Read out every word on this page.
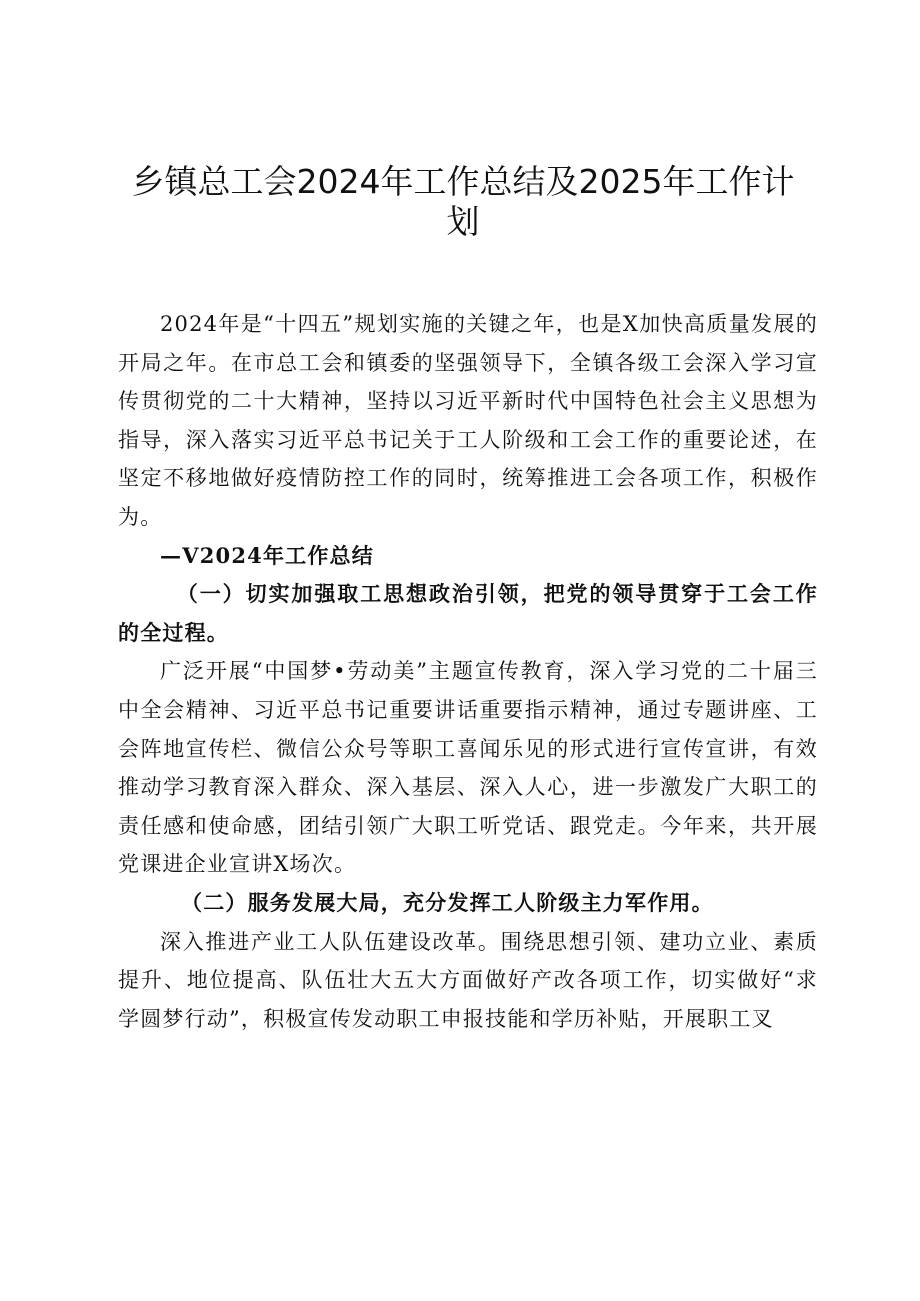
乡镇总工会2024年工作总结及2025年工作计
划

2024年是“十四五”规划实施的关键之年，也是X加快高质量发展的开局之年。在市总工会和镇委的坚强领导下，全镇各级工会深入学习宣传贯彻党的二十大精神，坚持以习近平新时代中国特色社会主义思想为指导，深入落实习近平总书记关于工人阶级和工会工作的重要论述，在坚定不移地做好疫情防控工作的同时，统筹推进工会各项工作，积极作为。

—V2024年工作总结

（一）切实加强取工思想政治引领，把党的领导贯穿于工会工作的全过程。

广泛开展“中国梦•劳动美”主题宣传教育，深入学习党的二十届三中全会精神、习近平总书记重要讲话重要指示精神，通过专题讲座、工会阵地宣传栏、微信公众号等职工喜闻乐见的形式进行宣传宣讲，有效推动学习教育深入群众、深入基层、深入人心，进一步激发广大职工的责任感和使命感，团结引领广大职工听党话、跟党走。今年来，共开展党课进企业宣讲X场次。

（二）服务发展大局，充分发挥工人阶级主力军作用。

深入推进产业工人队伍建设改革。围绕思想引领、建功立业、素质提升、地位提高、队伍壮大五大方面做好产改各项工作，切实做好“求学圆梦行动”，积极宣传发动职工申报技能和学历补贴，开展职工叉
